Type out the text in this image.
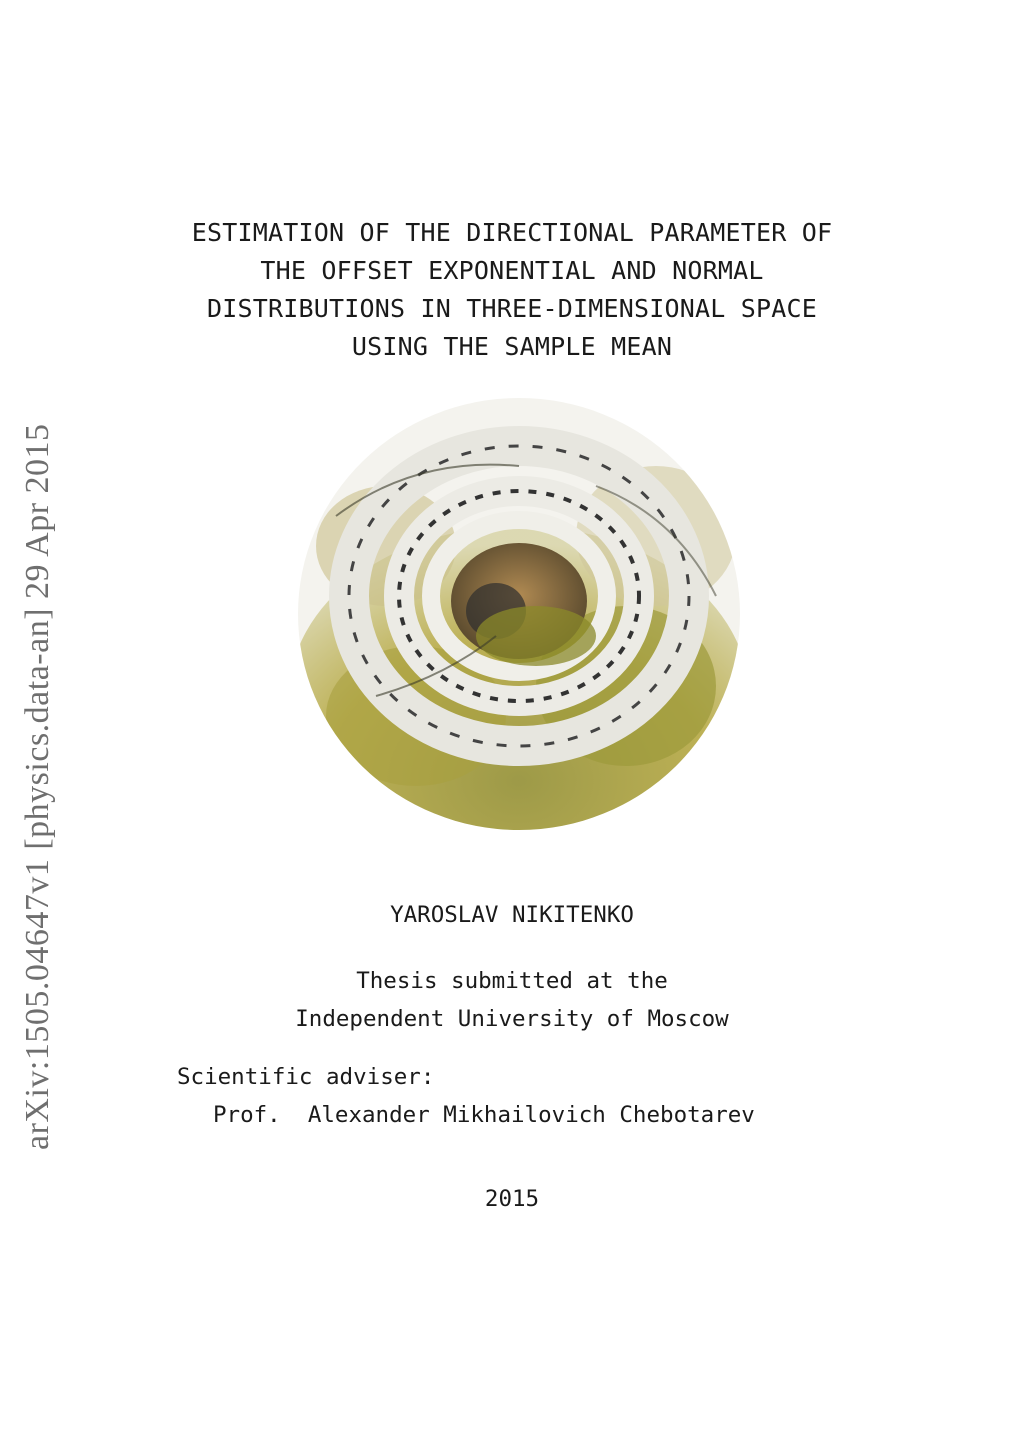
arXiv:1505.04647v1 [physics.data-an] 29 Apr 2015
ESTIMATION OF THE DIRECTIONAL PARAMETER OF
THE OFFSET EXPONENTIAL AND NORMAL
DISTRIBUTIONS IN THREE-DIMENSIONAL SPACE
USING THE SAMPLE MEAN
YAROSLAV NIKITENKO
Thesis submitted at the
Independent University of Moscow
Scientific adviser:
Prof.  Alexander Mikhailovich Chebotarev
2015
